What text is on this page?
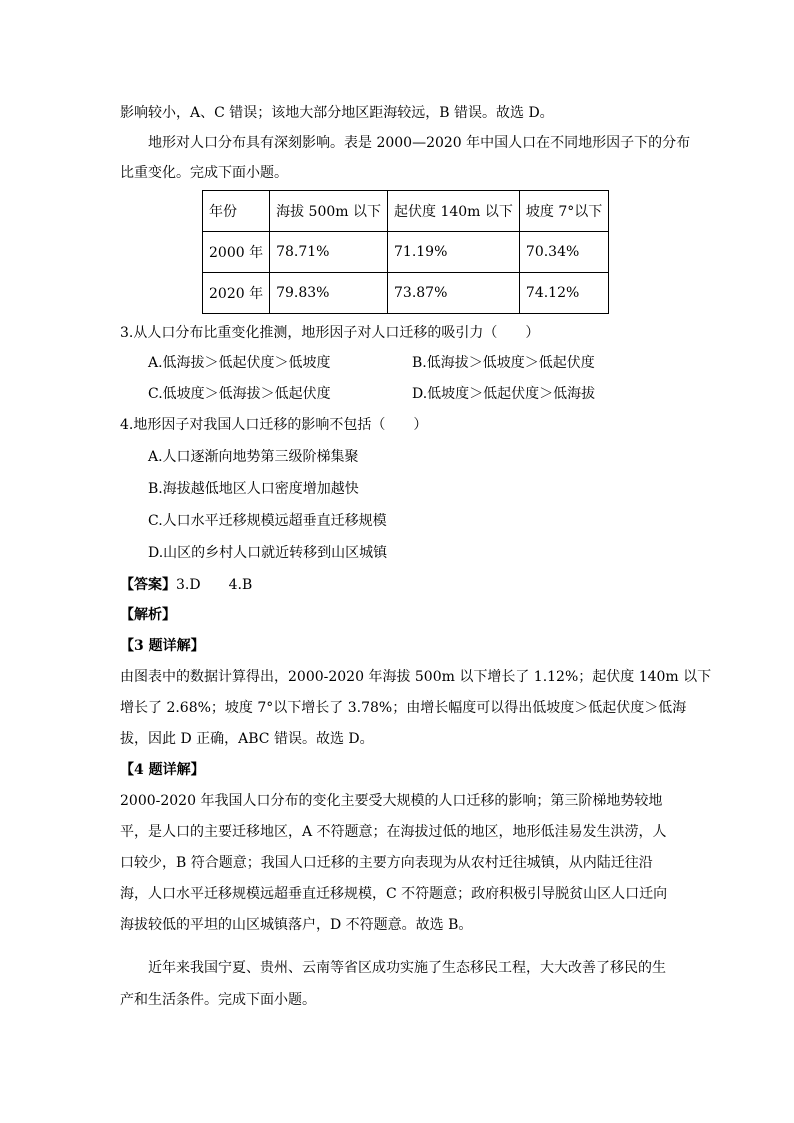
影响较小，A、C 错误；该地大部分地区距海较远，B 错误。故选 D。
地形对人口分布具有深刻影响。表是 2000—2020 年中国人口在不同地形因子下的分布
比重变化。完成下面小题。
年份	海拔 500m 以下	起伏度 140m 以下	坡度 7°以下
2000 年	78.71%	71.19%	70.34%
2020 年	79.83%	73.87%	74.12%
3.从人口分布比重变化推测，地形因子对人口迁移的吸引力（　　）
A.低海拔＞低起伏度＞低坡度	B.低海拔＞低坡度＞低起伏度
C.低坡度＞低海拔＞低起伏度	D.低坡度＞低起伏度＞低海拔
4.地形因子对我国人口迁移的影响不包括（　　）
A.人口逐渐向地势第三级阶梯集聚
B.海拔越低地区人口密度增加越快
C.人口水平迁移规模远超垂直迁移规模
D.山区的乡村人口就近转移到山区城镇
【答案】3.D　　4.B
【解析】
【3 题详解】
由图表中的数据计算得出，2000-2020 年海拔 500m 以下增长了 1.12%；起伏度 140m 以下
增长了 2.68%；坡度 7°以下增长了 3.78%；由增长幅度可以得出低坡度＞低起伏度＞低海
拔，因此 D 正确，ABC 错误。故选 D。
【4 题详解】
2000-2020 年我国人口分布的变化主要受大规模的人口迁移的影响；第三阶梯地势较地
平，是人口的主要迁移地区，A 不符题意；在海拔过低的地区，地形低洼易发生洪涝，人
口较少，B 符合题意；我国人口迁移的主要方向表现为从农村迁往城镇，从内陆迁往沿
海，人口水平迁移规模远超垂直迁移规模，C 不符题意；政府积极引导脱贫山区人口迁向
海拔较低的平坦的山区城镇落户，D 不符题意。故选 B。
近年来我国宁夏、贵州、云南等省区成功实施了生态移民工程，大大改善了移民的生
产和生活条件。完成下面小题。
